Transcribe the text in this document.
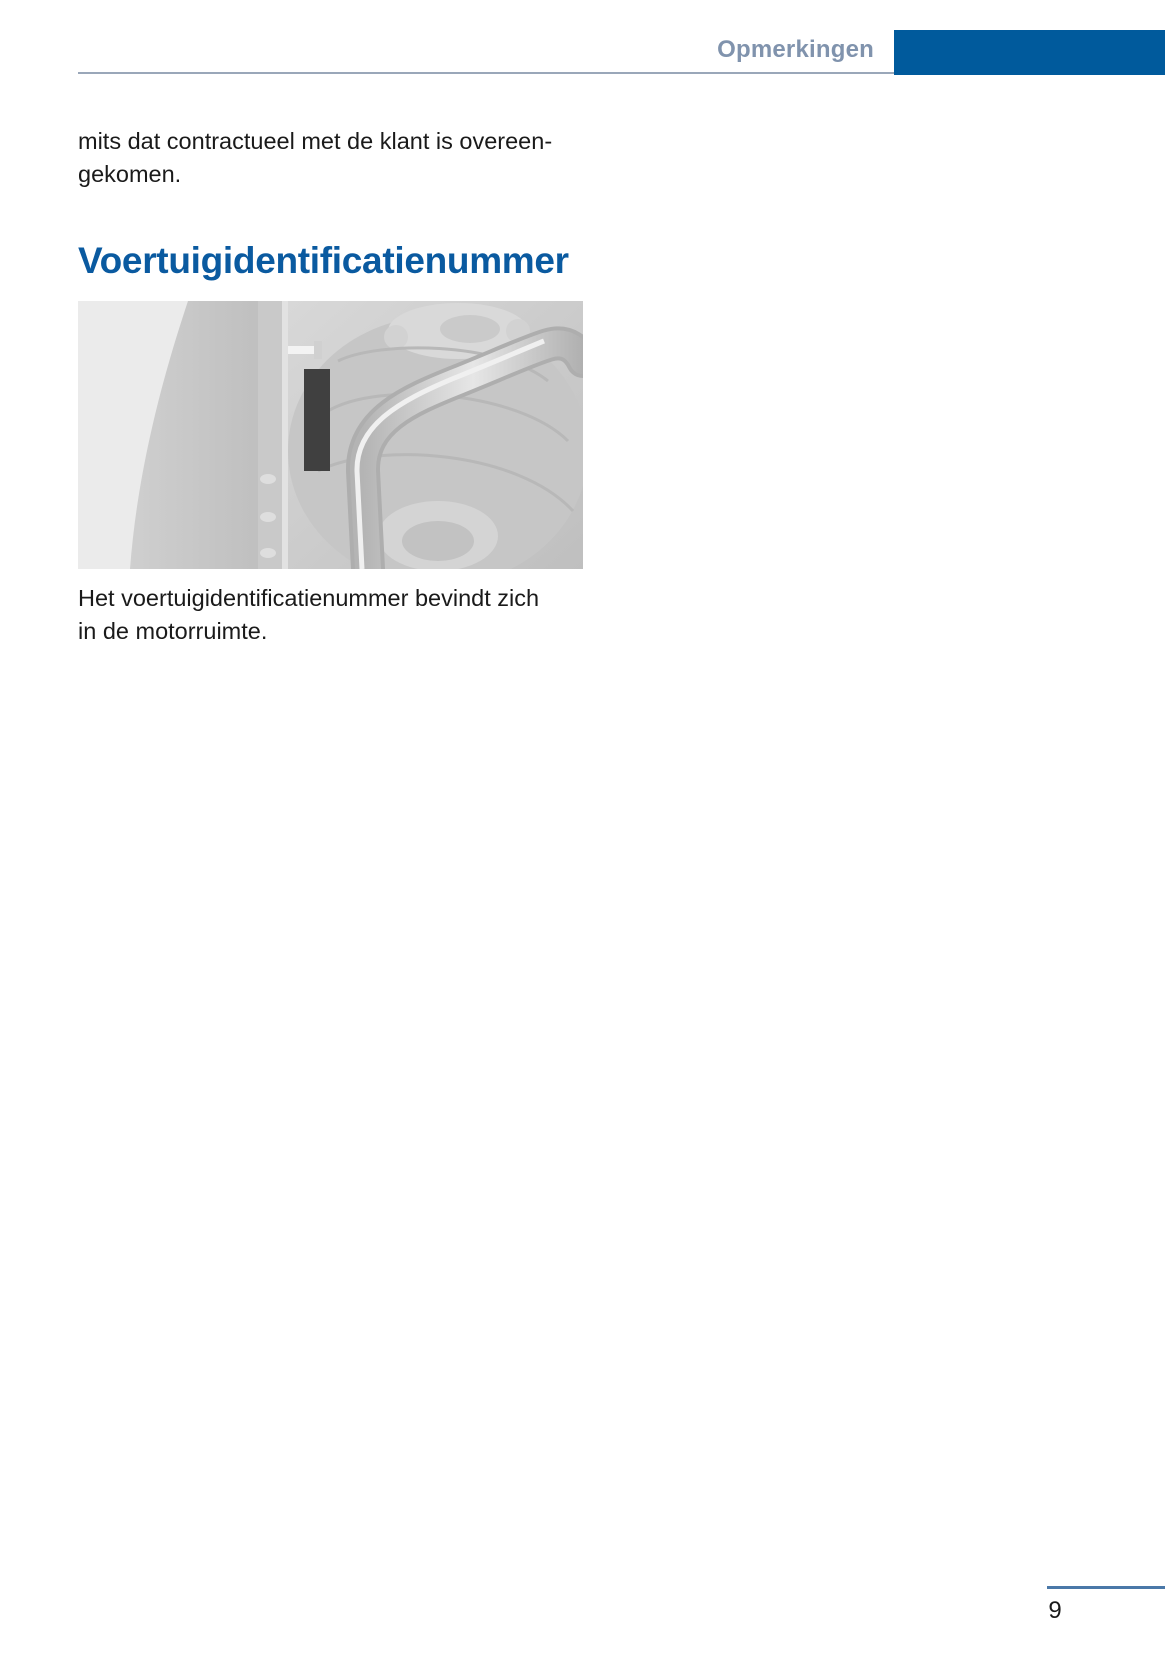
Opmerkingen
mits dat contractueel met de klant is overeen-
gekomen.
Voertuigidentificatienummer
Het voertuigidentificatienummer bevindt zich
in de motorruimte.
9
